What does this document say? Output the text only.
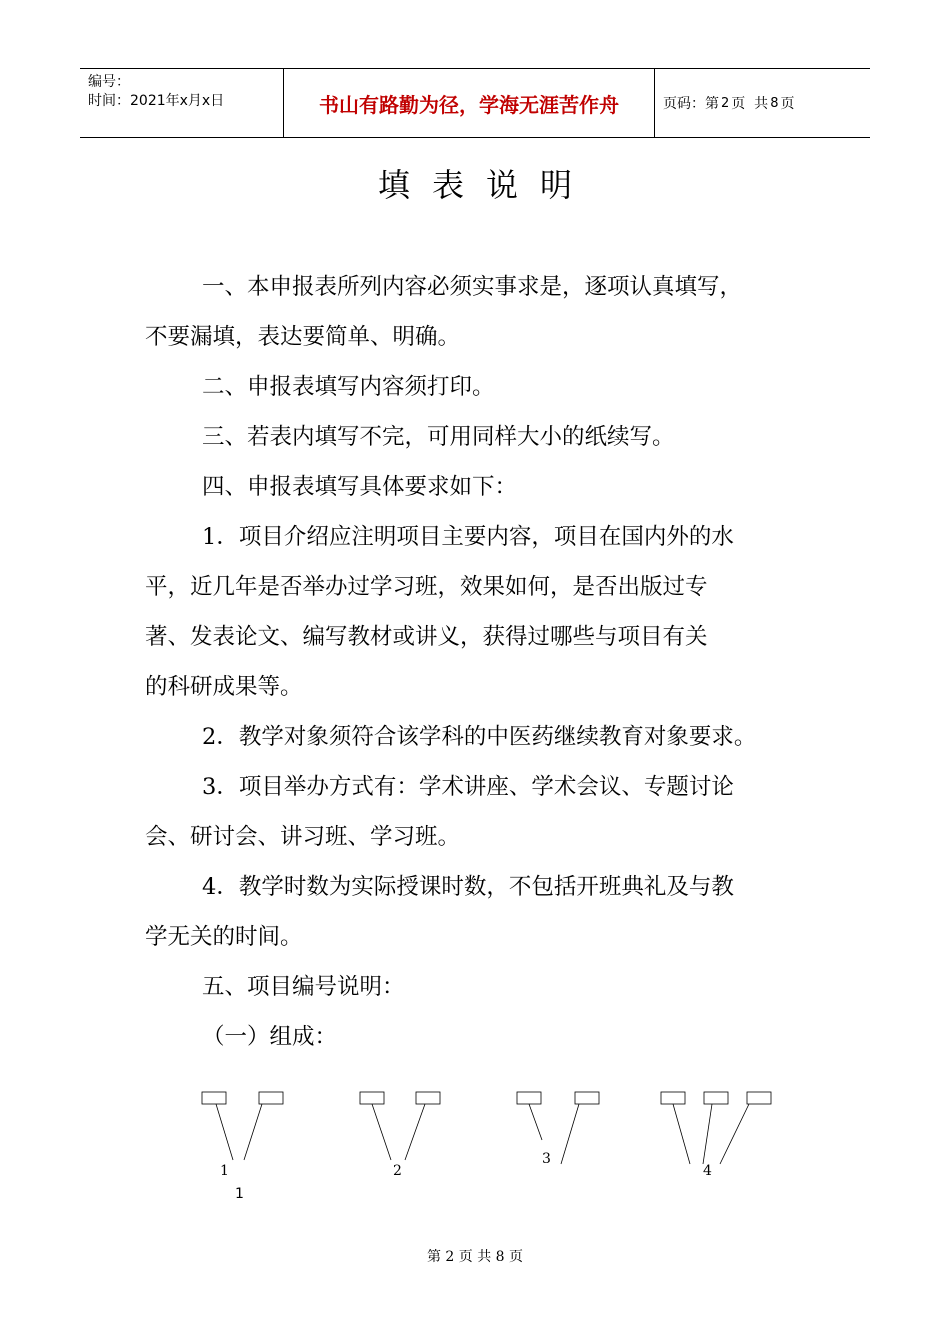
编号：
时间：2021年x月x日	书山有路勤为径，学海无涯苦作舟	页码：第 2 页  共 8 页
填表说明

一、本申报表所列内容必须实事求是，逐项认真填写，

不要漏填，表达要简单、明确。

二、申报表填写内容须打印。

三、若表内填写不完，可用同样大小的纸续写。

四、申报表填写具体要求如下：

1．项目介绍应注明项目主要内容，项目在国内外的水

平，近几年是否举办过学习班，效果如何，是否出版过专

著、发表论文、编写教材或讲义，获得过哪些与项目有关

的科研成果等。

2．教学对象须符合该学科的中医药继续教育对象要求。

3．项目举办方式有：学术讲座、学术会议、专题讨论

会、研讨会、讲习班、学习班。

4．教学时数为实际授课时数，不包括开班典礼及与教

学无关的时间。

五、项目编号说明：

（一）组成：

1
1
2
3
4
第 2 页 共 8 页
